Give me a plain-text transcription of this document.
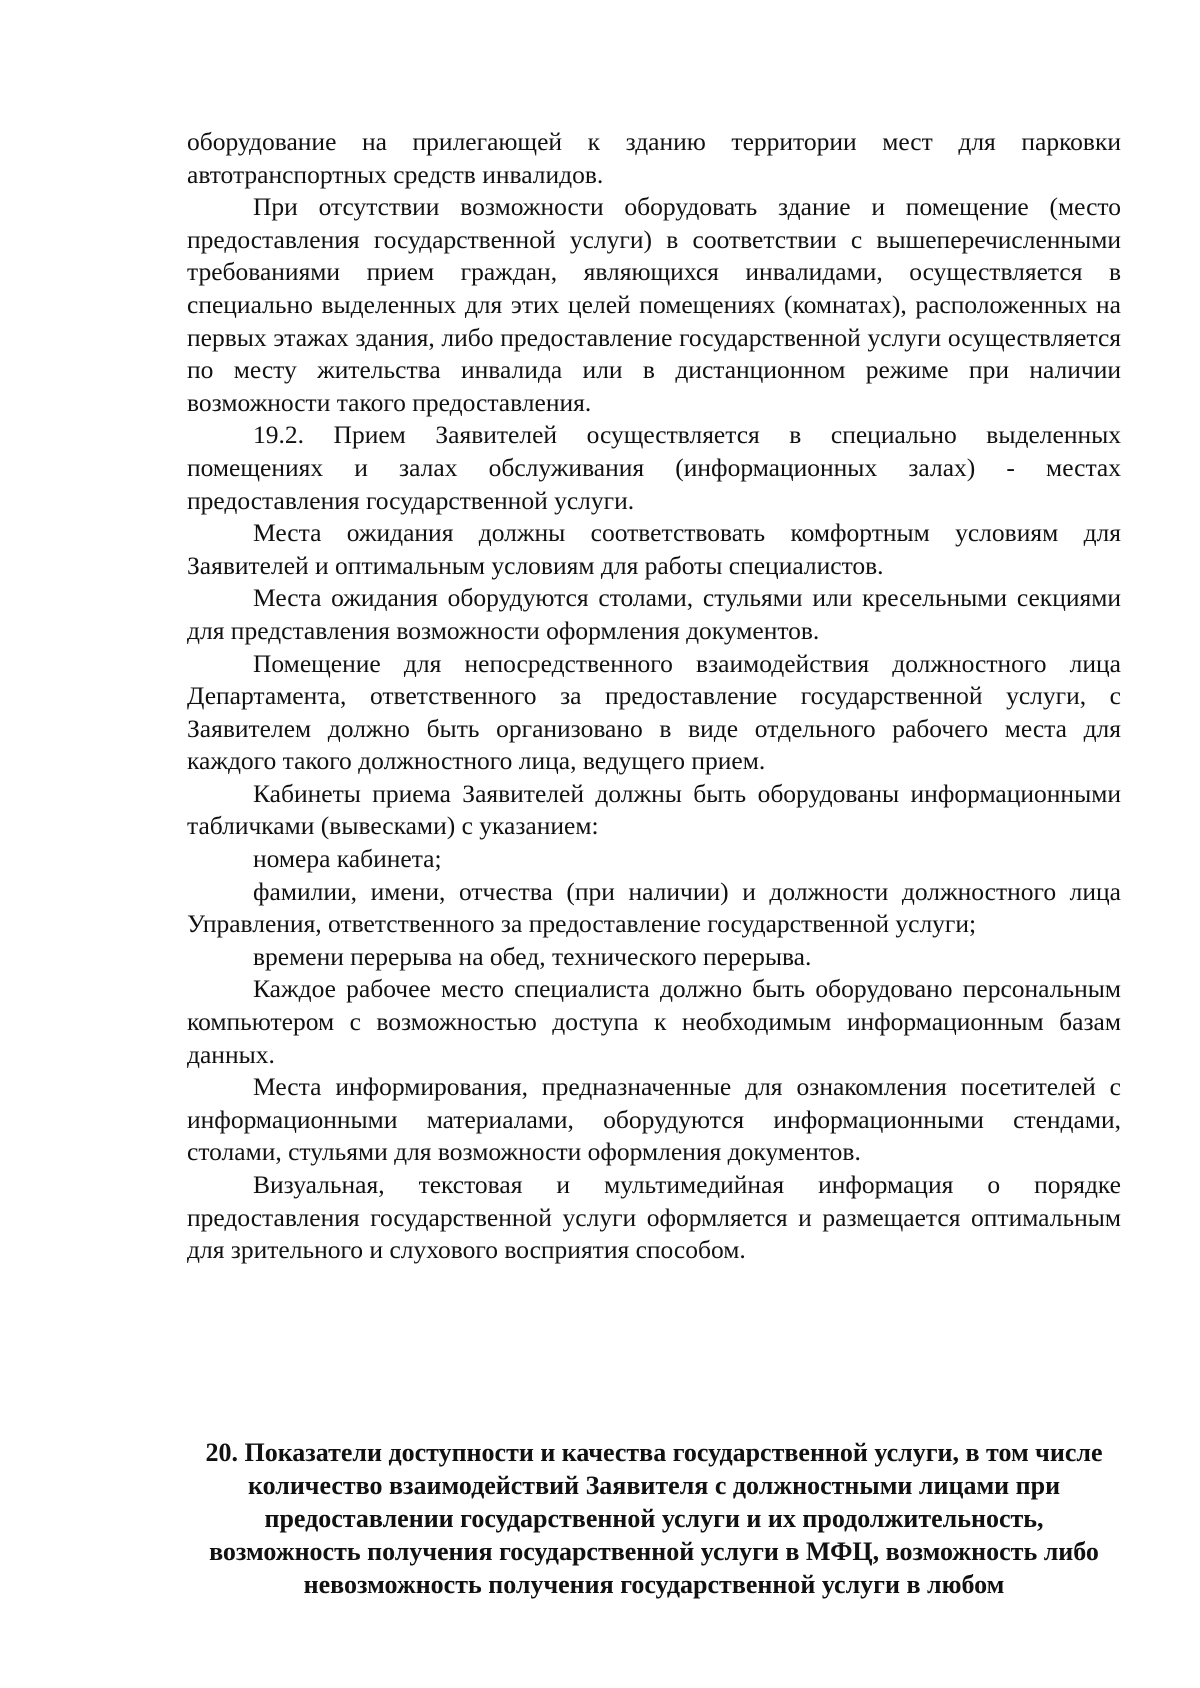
оборудование на прилегающей к зданию территории мест для парковки автотранспортных средств инвалидов.

При отсутствии возможности оборудовать здание и помещение (место предоставления государственной услуги) в соответствии с вышеперечисленными требованиями прием граждан, являющихся инвалидами, осуществляется в специально выделенных для этих целей помещениях (комнатах), расположенных на первых этажах здания, либо предоставление государственной услуги осуществляется по месту жительства инвалида или в дистанционном режиме при наличии возможности такого предоставления.

19.2. Прием Заявителей осуществляется в специально выделенных помещениях и залах обслуживания (информационных залах) - местах предоставления государственной услуги.

Места ожидания должны соответствовать комфортным условиям для Заявителей и оптимальным условиям для работы специалистов.

Места ожидания оборудуются столами, стульями или кресельными секциями для представления возможности оформления документов.

Помещение для непосредственного взаимодействия должностного лица Департамента, ответственного за предоставление государственной услуги, с Заявителем должно быть организовано в виде отдельного рабочего места для каждого такого должностного лица, ведущего прием.

Кабинеты приема Заявителей должны быть оборудованы информационными табличками (вывесками) с указанием:

номера кабинета;

фамилии, имени, отчества (при наличии) и должности должностного лица Управления, ответственного за предоставление государственной услуги;

времени перерыва на обед, технического перерыва.

Каждое рабочее место специалиста должно быть оборудовано персональным компьютером с возможностью доступа к необходимым информационным базам данных.

Места информирования, предназначенные для ознакомления посетителей с информационными материалами, оборудуются информационными стендами, столами, стульями для возможности оформления документов.

Визуальная, текстовая и мультимедийная информация о порядке предоставления государственной услуги оформляется и размещается оптимальным для зрительного и слухового восприятия способом.

20. Показатели доступности и качества государственной услуги, в том числе количество взаимодействий Заявителя с должностными лицами при предоставлении государственной услуги и их продолжительность, возможность получения государственной услуги в МФЦ, возможность либо невозможность получения государственной услуги в любом
